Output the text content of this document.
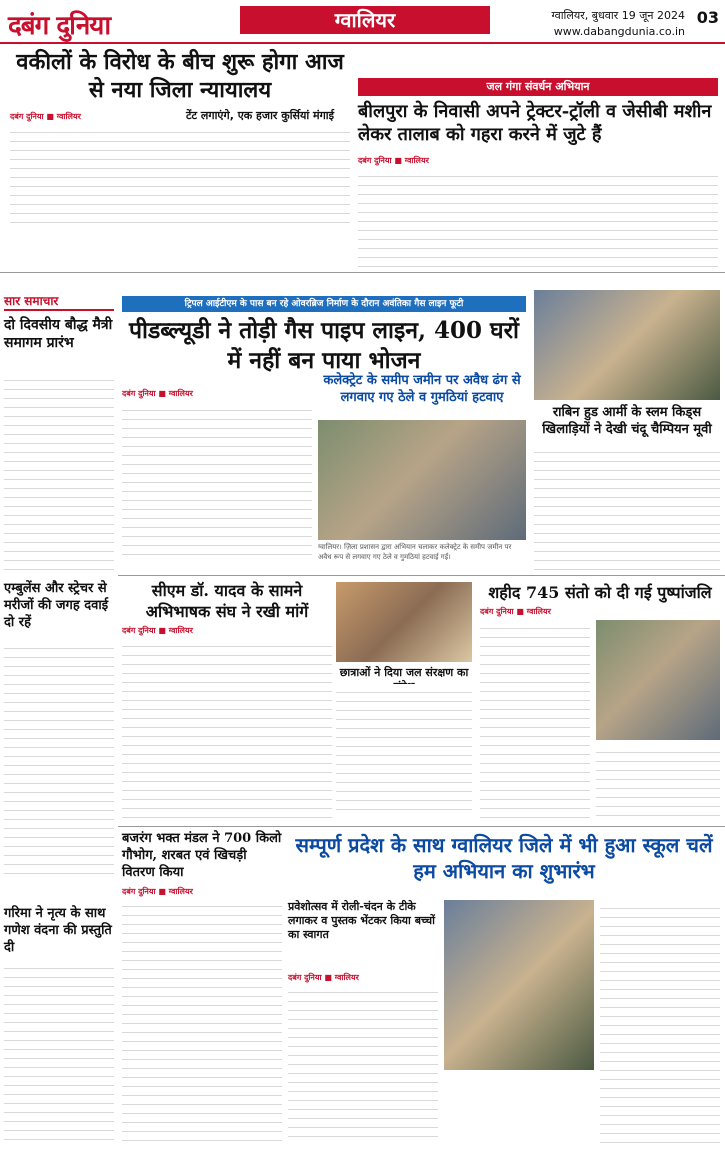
दबंग दुनिया	ग्वालियर	ग्वालियर, बुधवार 19 जून 2024
www.dabangdunia.co.in
03
वकीलों के विरोध के बीच शुरू होगा आज से नया जिला न्यायालय
टेंट लगाएंगे, एक हजार कुर्सियां मंगाई
दबंग दुनिया ■ ग्वालियर
जल गंगा संवर्धन अभियान
बीलपुरा के निवासी अपने ट्रेक्टर-ट्रॉली व जेसीबी मशीन लेकर तालाब को गहरा करने में जुटे हैं
दबंग दुनिया ■ ग्वालियर
सार समाचार
दो दिवसीय बौद्ध मैत्री समागम प्रारंभ
एम्बुलेंस और स्ट्रेचर से मरीजों की जगह दवाई दो रहें
गरिमा ने नृत्य के साथ गणेश वंदना की प्रस्तुति दी
ट्रिपल आईटीएम के पास बन रहे ओवरब्रिज निर्माण के दौरान अवंतिका गैस लाइन फूटी
पीडब्ल्यूडी ने तोड़ी गैस पाइप लाइन, 400 घरों में नहीं बन पाया भोजन
दबंग दुनिया ■ ग्वालियर
कलेक्ट्रेट के समीप जमीन पर अवैध ढंग से लगवाए गए ठेले व गुमठियां हटवाए
ग्वालियर। ज़िला प्रशासन द्वारा अभियान चलाकर कलेक्ट्रेट के समीप जमीन पर अवैध रूप से लगवाए गए ठेले व गुमठियां हटवाई गईं।
राबिन हुड आर्मी के स्लम किड्स खिलाड़ियों ने देखी चंदू चैम्पियन मूवी
सीएम डॉ. यादव के सामने अभिभाषक संघ ने रखी मांगें
दबंग दुनिया ■ ग्वालियर
छात्राओं ने दिया जल संरक्षण का
शहीद 745 संतो को दी गई पुष्पांजलि
दबंग दुनिया ■ ग्वालियर
बजरंग भक्त मंडल ने 700 किलो गौभोग, शरबत एवं खिचड़ी वितरण किया
दबंग दुनिया ■ ग्वालियर
सम्पूर्ण प्रदेश के साथ ग्वालियर जिले में भी हुआ स्कूल चलें हम अभियान का शुभारंभ
प्रवेशोत्सव में रोली-चंदन के टीके लगाकर व पुस्तक भेंटकर किया बच्चों का स्वागत
दबंग दुनिया ■ ग्वालियर
